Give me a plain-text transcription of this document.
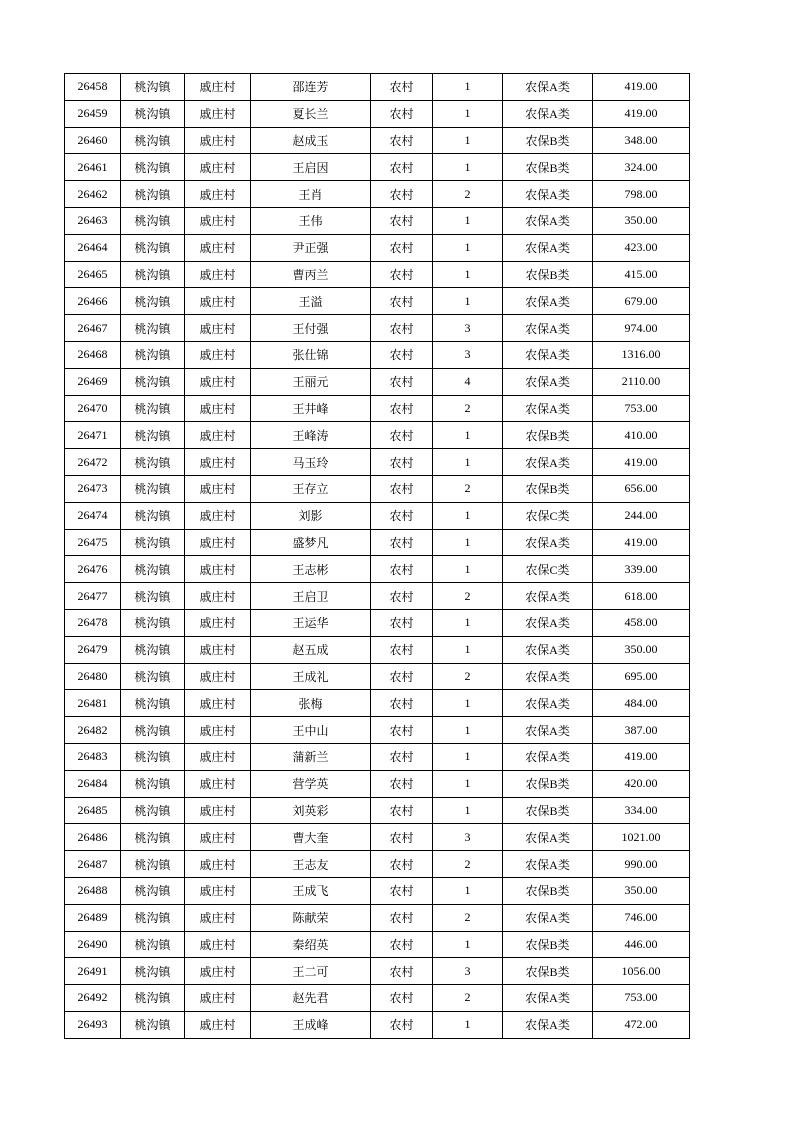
26458	桃沟镇	戚庄村	邵连芳	农村	1	农保A类	419.00
26459	桃沟镇	戚庄村	夏长兰	农村	1	农保A类	419.00
26460	桃沟镇	戚庄村	赵成玉	农村	1	农保B类	348.00
26461	桃沟镇	戚庄村	王启因	农村	1	农保B类	324.00
26462	桃沟镇	戚庄村	王肖	农村	2	农保A类	798.00
26463	桃沟镇	戚庄村	王伟	农村	1	农保A类	350.00
26464	桃沟镇	戚庄村	尹正强	农村	1	农保A类	423.00
26465	桃沟镇	戚庄村	曹丙兰	农村	1	农保B类	415.00
26466	桃沟镇	戚庄村	王溢	农村	1	农保A类	679.00
26467	桃沟镇	戚庄村	王付强	农村	3	农保A类	974.00
26468	桃沟镇	戚庄村	张仕锦	农村	3	农保A类	1316.00
26469	桃沟镇	戚庄村	王丽元	农村	4	农保A类	2110.00
26470	桃沟镇	戚庄村	王井峰	农村	2	农保A类	753.00
26471	桃沟镇	戚庄村	王峰涛	农村	1	农保B类	410.00
26472	桃沟镇	戚庄村	马玉玲	农村	1	农保A类	419.00
26473	桃沟镇	戚庄村	王存立	农村	2	农保B类	656.00
26474	桃沟镇	戚庄村	刘影	农村	1	农保C类	244.00
26475	桃沟镇	戚庄村	盛梦凡	农村	1	农保A类	419.00
26476	桃沟镇	戚庄村	王志彬	农村	1	农保C类	339.00
26477	桃沟镇	戚庄村	王启卫	农村	2	农保A类	618.00
26478	桃沟镇	戚庄村	王运华	农村	1	农保A类	458.00
26479	桃沟镇	戚庄村	赵五成	农村	1	农保A类	350.00
26480	桃沟镇	戚庄村	王成礼	农村	2	农保A类	695.00
26481	桃沟镇	戚庄村	张梅	农村	1	农保A类	484.00
26482	桃沟镇	戚庄村	王中山	农村	1	农保A类	387.00
26483	桃沟镇	戚庄村	蒲新兰	农村	1	农保A类	419.00
26484	桃沟镇	戚庄村	营学英	农村	1	农保B类	420.00
26485	桃沟镇	戚庄村	刘英彩	农村	1	农保B类	334.00
26486	桃沟镇	戚庄村	曹大奎	农村	3	农保A类	1021.00
26487	桃沟镇	戚庄村	王志友	农村	2	农保A类	990.00
26488	桃沟镇	戚庄村	王成飞	农村	1	农保B类	350.00
26489	桃沟镇	戚庄村	陈献荣	农村	2	农保A类	746.00
26490	桃沟镇	戚庄村	秦绍英	农村	1	农保B类	446.00
26491	桃沟镇	戚庄村	王二可	农村	3	农保B类	1056.00
26492	桃沟镇	戚庄村	赵先君	农村	2	农保A类	753.00
26493	桃沟镇	戚庄村	王成峰	农村	1	农保A类	472.00
